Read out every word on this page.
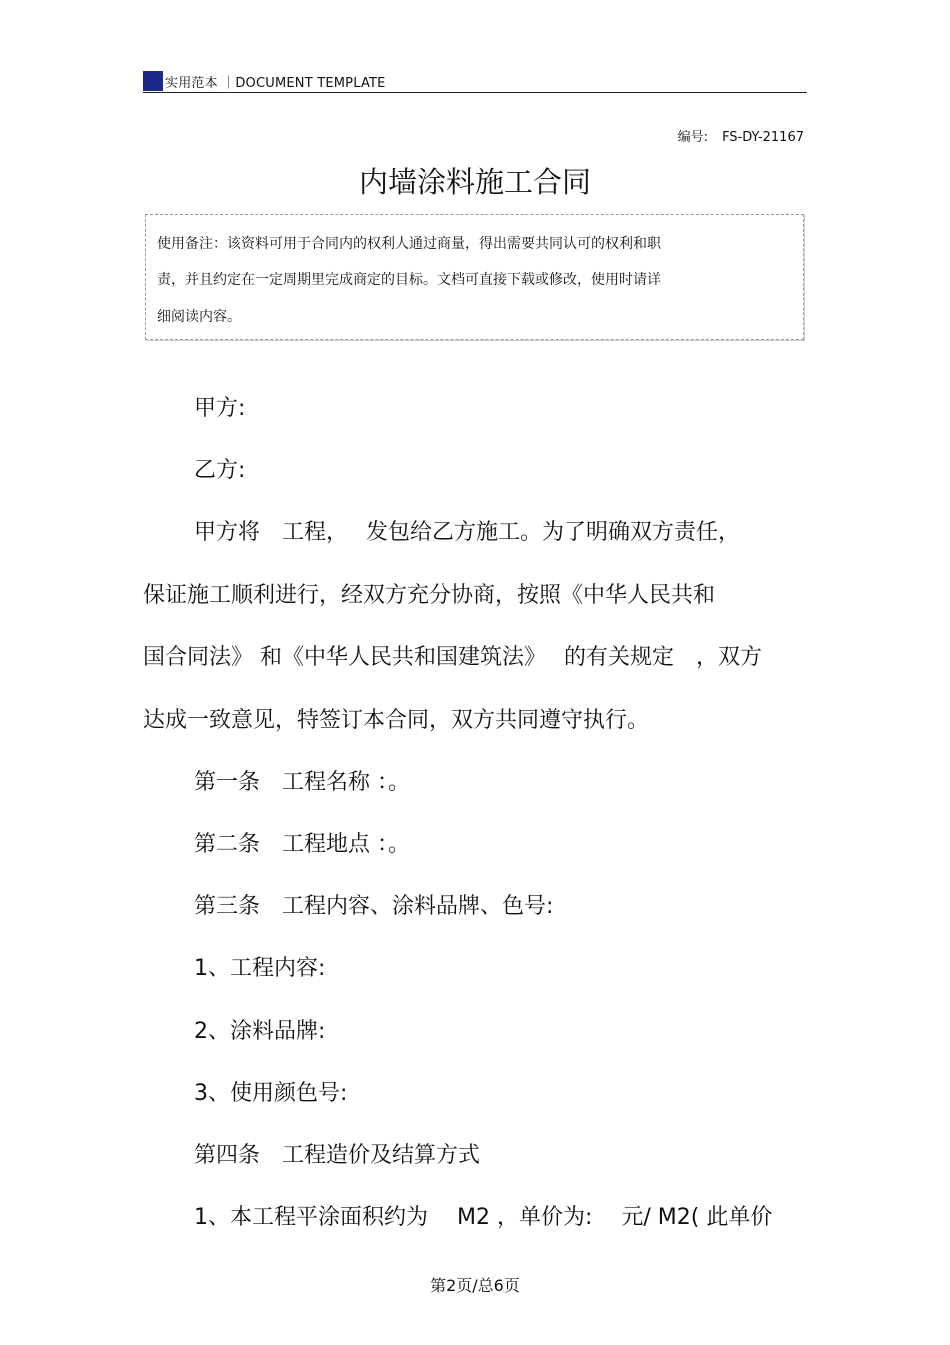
实用范本 ｜DOCUMENT TEMPLATE
编号: FS-DY-21167
内墙涂料施工合同

使用备注：该资料可用于合同内的权利人通过商量，得出需要共同认可的权利和职

责，并且约定在一定周期里完成商定的目标。文档可直接下载或修改，使用时请详

细阅读内容。

甲方:

乙方:

甲方将　工程，　 发包给乙方施工。为了明确双方责任，

保证施工顺利进行，经双方充分协商，按照《中华人民共和

国合同法》 和《中华人民共和国建筑法》　 的有关规定　，双方

达成一致意见，特签订本合同，双方共同遵守执行。

第一条　工程名称 ：。

第二条　工程地点 ：。

第三条　工程内容、涂料品牌、色号:

1、工程内容:

2、涂料品牌:

3、使用颜色号:

第四条　工程造价及结算方式

1、本工程平涂面积约为　 M2 ，单价为:　 元/ M2( 此单价

第2页/总6页
